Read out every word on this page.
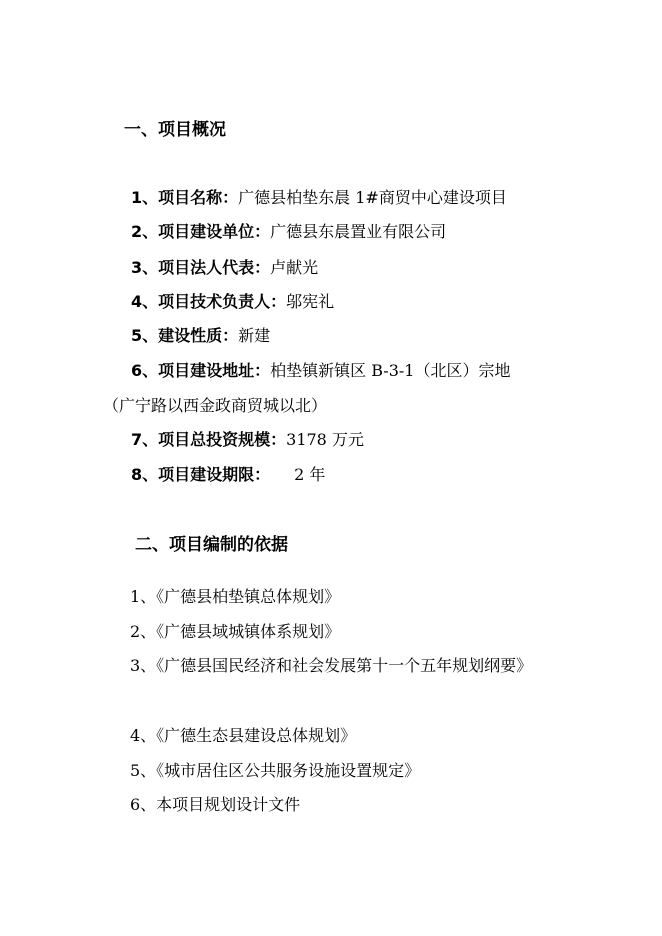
一、项目概况
1、项目名称：广德县柏垫东晨 1#商贸中心建设项目
2、项目建设单位：广德县东晨置业有限公司
3、项目法人代表：卢献光
4、项目技术负责人：邬宪礼
5、建设性质：新建
6、项目建设地址：柏垫镇新镇区 B-3-1（北区）宗地
（广宁路以西金政商贸城以北）
7、项目总投资规模：3178 万元
8、项目建设期限： 2 年
二、项目编制的依据
1、《广德县柏垫镇总体规划》
2、《广德县域城镇体系规划》
3、《广德县国民经济和社会发展第十一个五年规划纲要》
4、《广德生态县建设总体规划》
5、《城市居住区公共服务设施设置规定》
6、本项目规划设计文件
